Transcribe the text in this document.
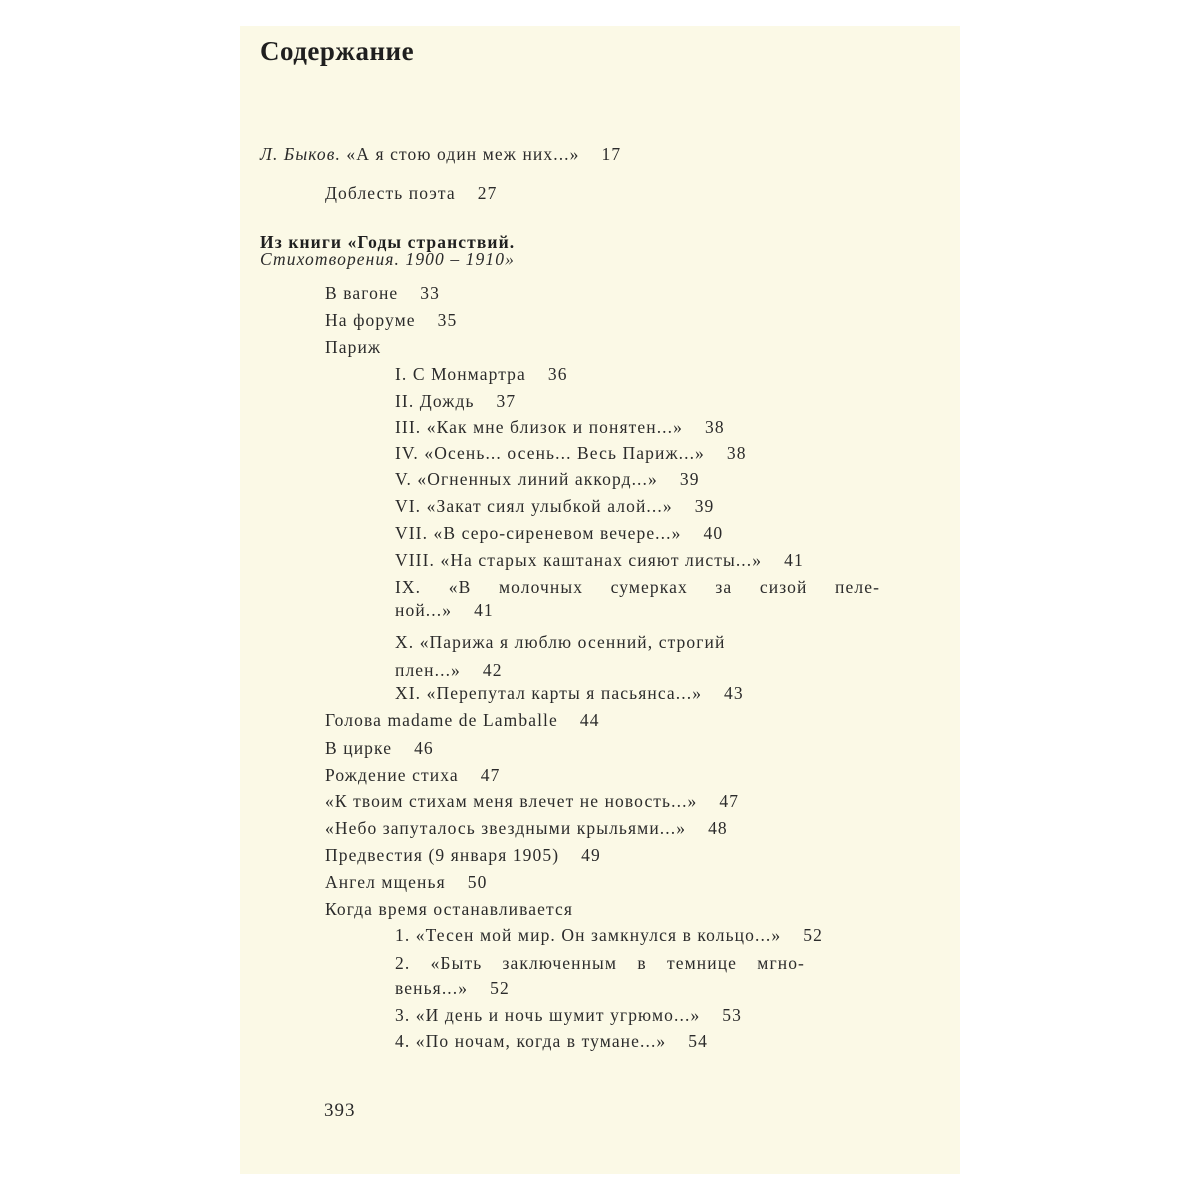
Содержание
Л. Быков. «А я стою один меж них...» 17
Доблесть поэта 27
Из книги «Годы странствий.
Стихотворения. 1900 – 1910»
В вагоне 33
На форуме 35
Париж
I. С Монмартра 36
II. Дождь 37
III. «Как мне близок и понятен...» 38
IV. «Осень... осень... Весь Париж...» 38
V. «Огненных линий аккорд...» 39
VI. «Закат сиял улыбкой алой...» 39
VII. «В серо-сиреневом вечере...» 40
VIII. «На старых каштанах сияют листы...» 41
IX. «В молочных сумерках за сизой пеле-
ной...» 41
X. «Парижа я люблю осенний, строгий
плен...» 42
XI. «Перепутал карты я пасьянса...» 43
Голова madame de Lamballe 44
В цирке 46
Рождение стиха 47
«К твоим стихам меня влечет не новость...» 47
«Небо запуталось звездными крыльями...» 48
Предвестия (9 января 1905) 49
Ангел мщенья 50
Когда время останавливается
1. «Тесен мой мир. Он замкнулся в кольцо...» 52
2. «Быть заключенным в темнице мгно-
венья...» 52
3. «И день и ночь шумит угрюмо...» 53
4. «По ночам, когда в тумане...» 54
393
